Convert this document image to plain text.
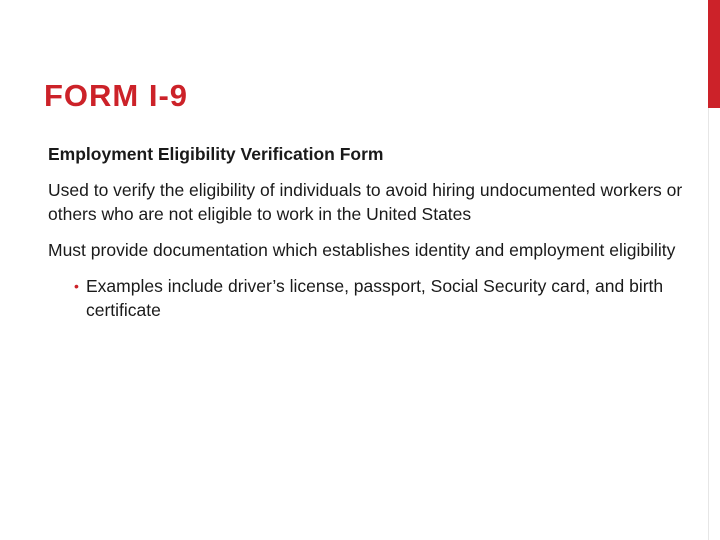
FORM I-9

Employment Eligibility Verification Form

Used to verify the eligibility of individuals to avoid hiring undocumented workers or others who are not eligible to work in the United States

Must provide documentation which establishes identity and employment eligibility

• Examples include driver’s license, passport, Social Security card, and birth certificate
